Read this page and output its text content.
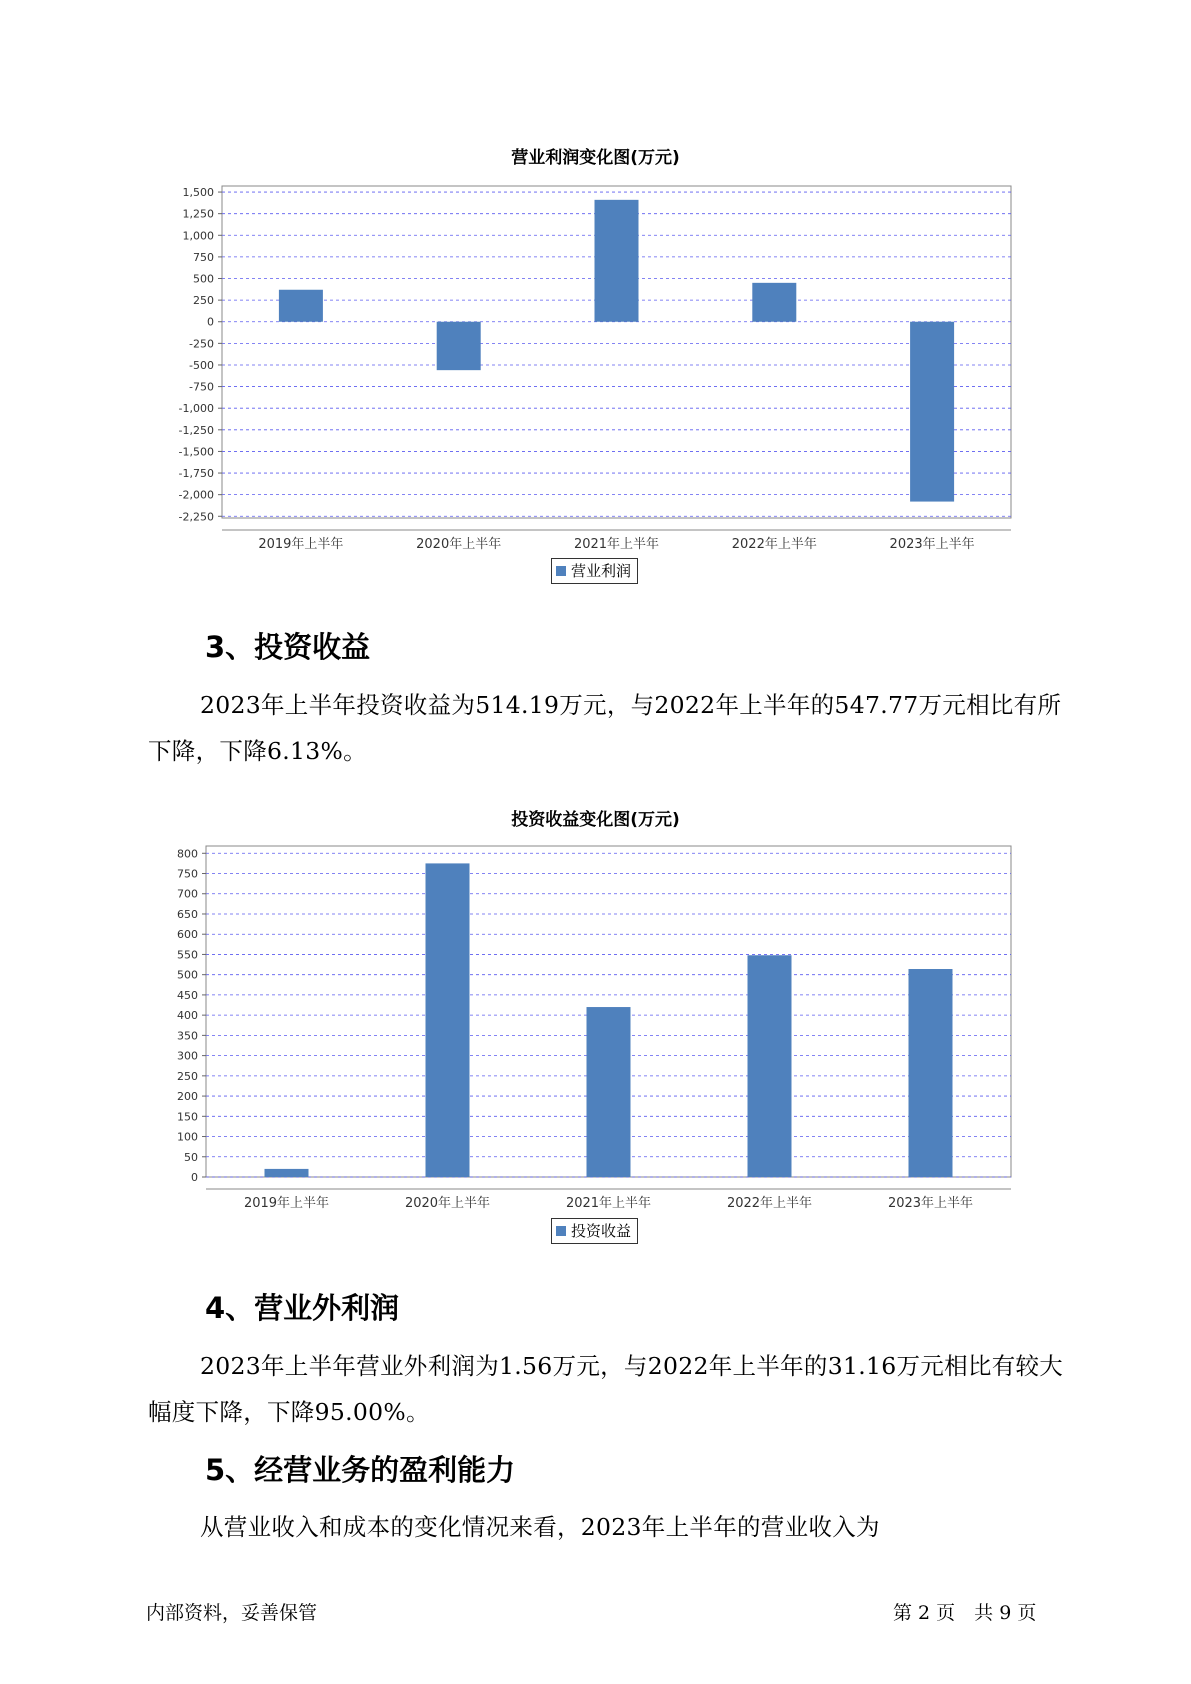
营业利润变化图(万元)
1,500
1,250
1,000
750
500
250
0
-250
-500
-750
-1,000
-1,250
-1,500
-1,750
-2,000
-2,250
2019年上半年	2020年上半年	2021年上半年	2022年上半年	2023年上半年
营业利润
3、投资收益

2023年上半年投资收益为514.19万元，与2022年上半年的547.77万元相比有所下降，下降6.13%。

投资收益变化图(万元)
800
750
700
650
600
550
500
450
400
350
300
250
200
150
100
50
0
2019年上半年	2020年上半年	2021年上半年	2022年上半年	2023年上半年
投资收益
4、营业外利润

2023年上半年营业外利润为1.56万元，与2022年上半年的31.16万元相比有较大幅度下降，下降95.00%。

5、经营业务的盈利能力

从营业收入和成本的变化情况来看，2023年上半年的营业收入为

内部资料，妥善保管	第 2 页　共 9 页
